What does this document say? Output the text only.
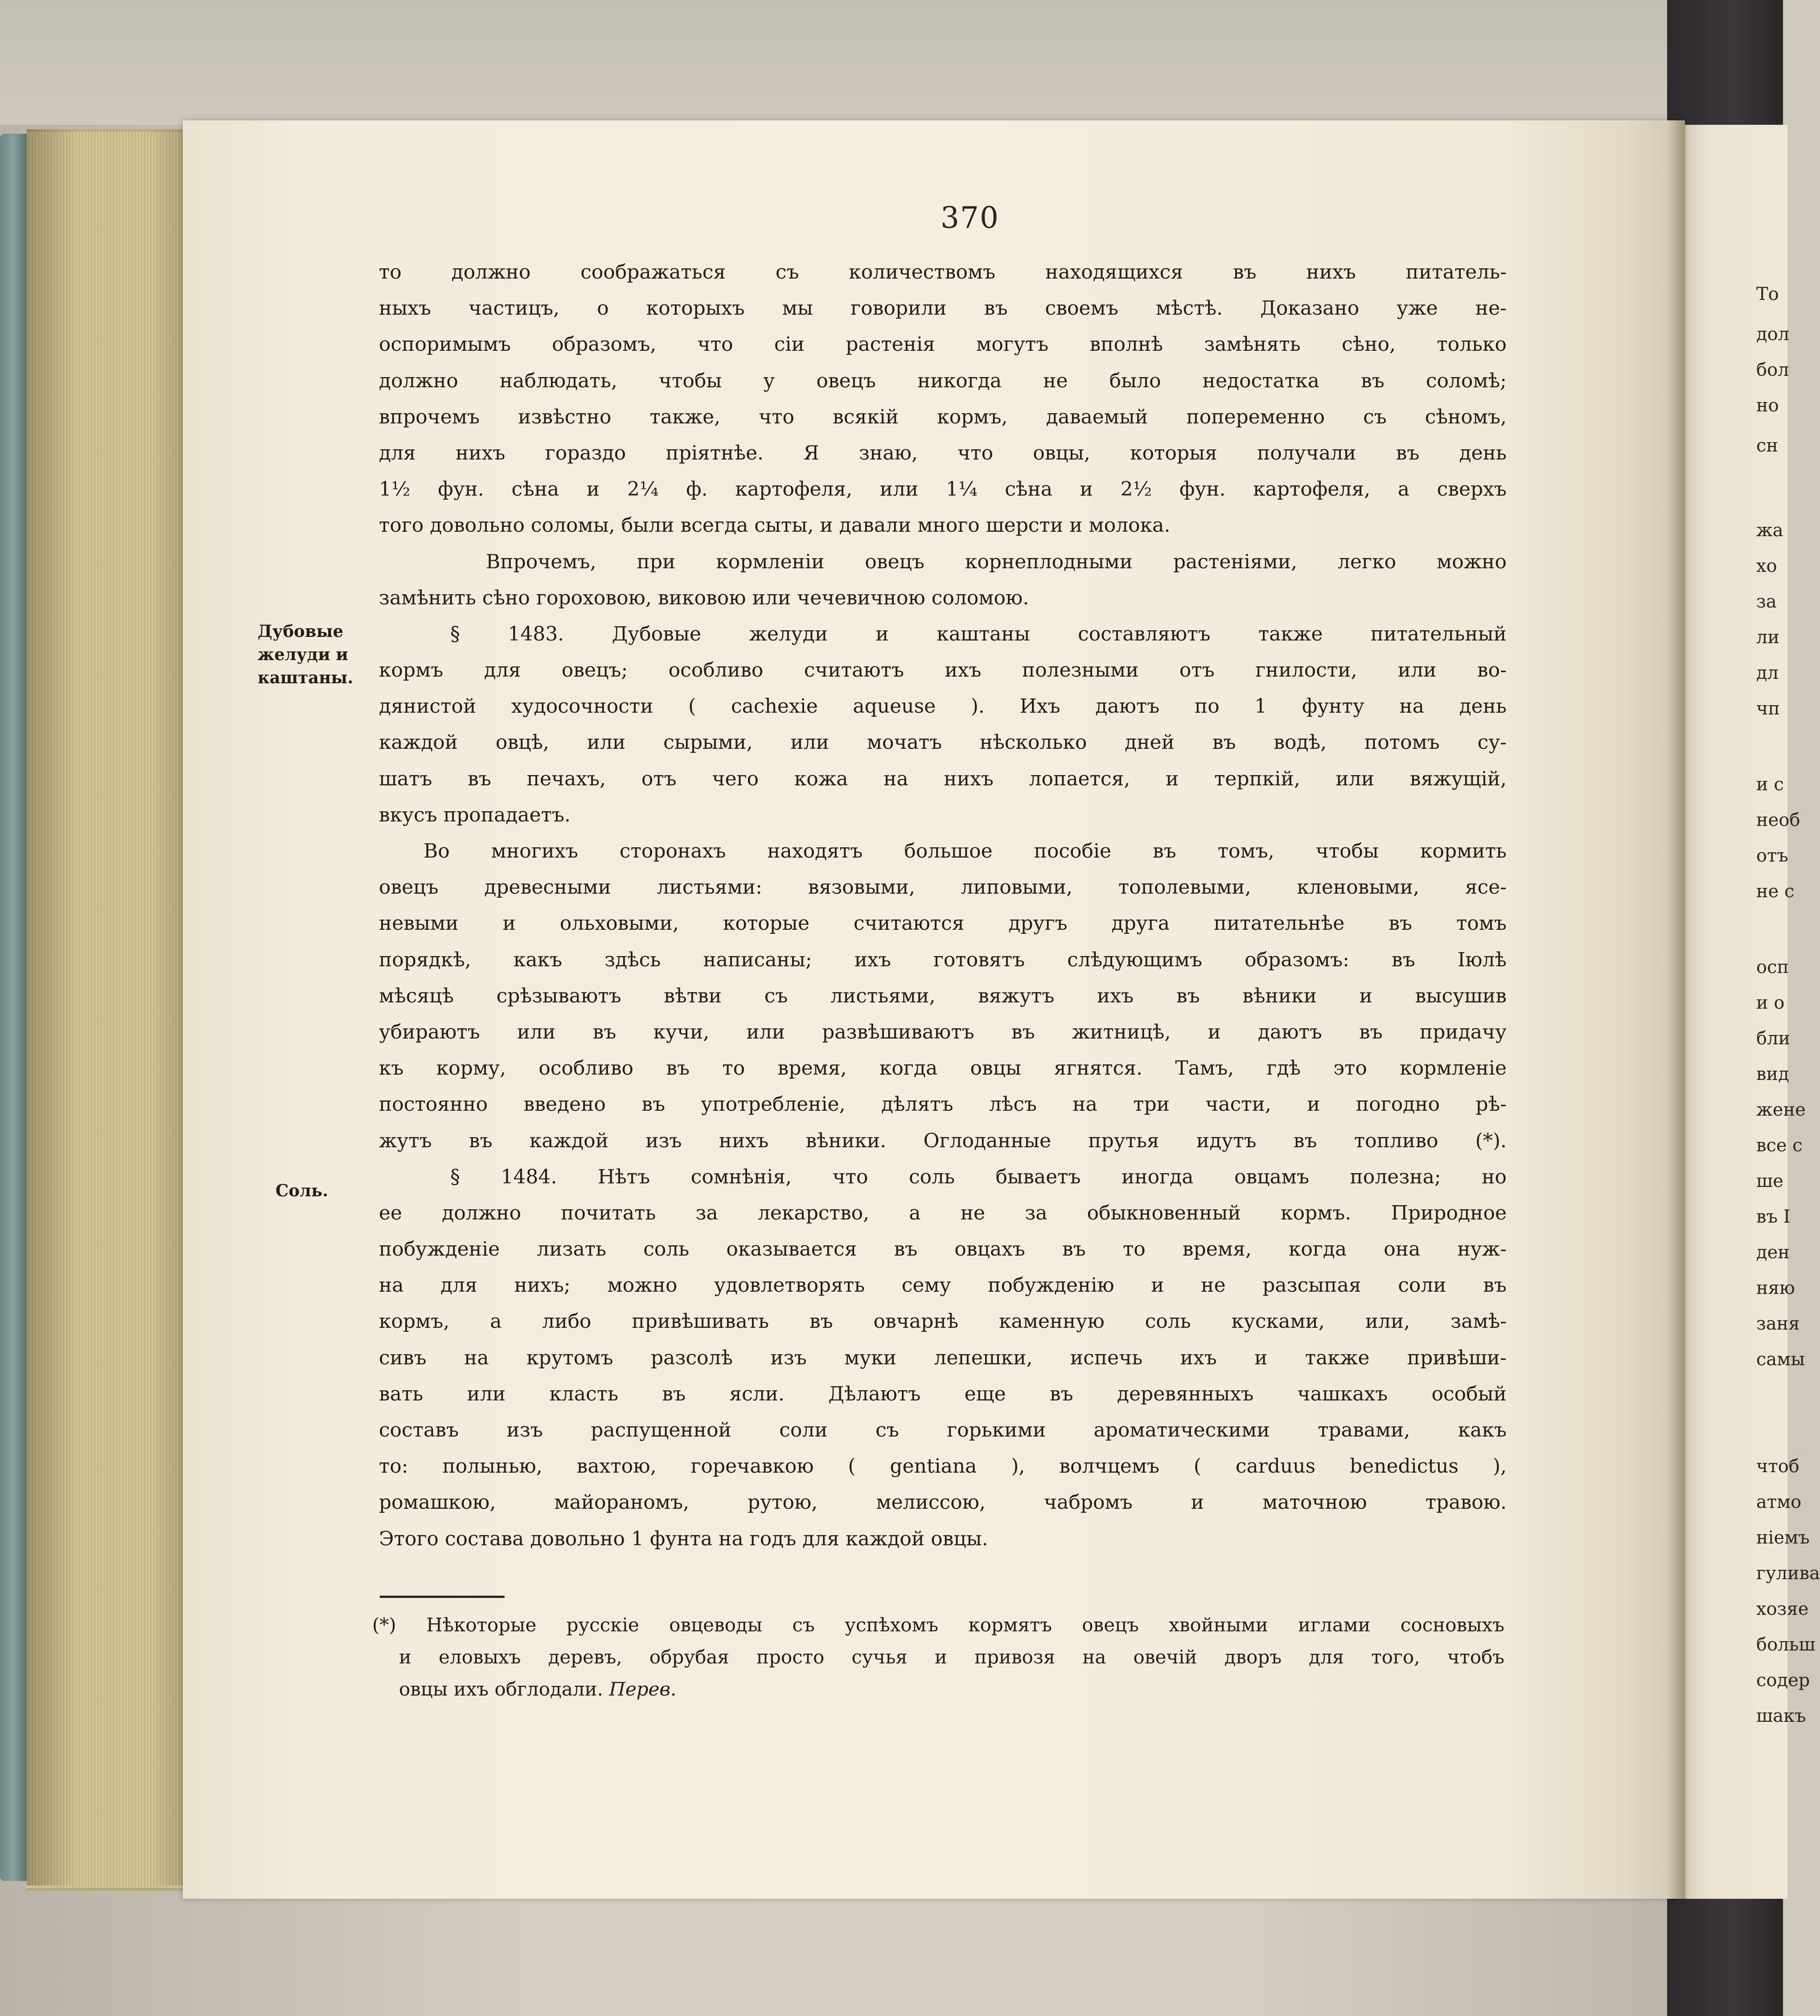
То
дол
бол
но
сн
жа
хо
за
ли
дл
чп
и с
необ
отъ
не с
осп
и о
бли
вид
жене
все с
ше
въ І
ден
няю
заня
самы
чтоб
атмо
ніемъ
гулива
хозяе
больш
содер
шакъ
370
Дубовые
желуди и
каштаны.
Соль.
то должно соображаться съ количествомъ находящихся въ нихъ питатель-
ныхъ частицъ, о которыхъ мы говорили въ своемъ мѣстѣ. Доказано уже не-
оспоримымъ образомъ, что сіи растенія могутъ вполнѣ замѣнять сѣно, только
должно наблюдать, чтобы у овецъ никогда не было недостатка въ соломѣ;
впрочемъ извѣстно также, что всякій кормъ, даваемый попеременно съ сѣномъ,
для нихъ гораздо пріятнѣе. Я знаю, что овцы, которыя получали въ день
1½ фун. сѣна и 2¼ ф. картофеля, или 1¼ сѣна и 2½ фун. картофеля, а сверхъ
того довольно соломы, были всегда сыты, и давали много шерсти и молока.
Впрочемъ, при кормленіи овецъ корнеплодными растеніями, легко можно
замѣнить сѣно гороховою, виковою или чечевичною соломою.
§ 1483. Дубовые желуди и каштаны составляютъ также питательный
кормъ для овецъ; особливо считаютъ ихъ полезными отъ гнилости, или во-
дянистой худосочности ( cachexie aqueuse ). Ихъ даютъ по 1 фунту на день
каждой овцѣ, или сырыми, или мочатъ нѣсколько дней въ водѣ, потомъ су-
шатъ въ печахъ, отъ чего кожа на нихъ лопается, и терпкій, или вяжущій,
вкусъ пропадаетъ.
Во многихъ сторонахъ находятъ большое пособіе въ томъ, чтобы кормить
овецъ древесными листьями: вязовыми, липовыми, тополевыми, кленовыми, ясе-
невыми и ольховыми, которые считаются другъ друга питательнѣе въ томъ
порядкѣ, какъ здѣсь написаны; ихъ готовятъ слѣдующимъ образомъ: въ Іюлѣ
мѣсяцѣ срѣзываютъ вѣтви съ листьями, вяжутъ ихъ въ вѣники и высушив
убираютъ или въ кучи, или развѣшиваютъ въ житницѣ, и даютъ въ придачу
къ корму, особливо въ то время, когда овцы ягнятся. Тамъ, гдѣ это кормленіе
постоянно введено въ употребленіе, дѣлятъ лѣсъ на три части, и погодно рѣ-
жутъ въ каждой изъ нихъ вѣники. Оглоданные прутья идутъ въ топливо (*).
§ 1484. Нѣтъ сомнѣнія, что соль бываетъ иногда овцамъ полезна; но
ее должно почитать за лекарство, а не за обыкновенный кормъ. Природное
побужденіе лизать соль оказывается въ овцахъ въ то время, когда она нуж-
на для нихъ; можно удовлетворять сему побужденію и не разсыпая соли въ
кормъ, а либо привѣшивать въ овчарнѣ каменную соль кусками, или, замѣ-
сивъ на крутомъ разсолѣ изъ муки лепешки, испечь ихъ и также привѣши-
вать или класть въ ясли. Дѣлаютъ еще въ деревянныхъ чашкахъ особый
составъ изъ распущенной соли съ горькими ароматическими травами, какъ
то: полынью, вахтою, горечавкою ( gentiana ), волчцемъ ( carduus benedictus ),
ромашкою, майораномъ, рутою, мелиссою, чабромъ и маточною травою.
Этого состава довольно 1 фунта на годъ для каждой овцы.
(*) Нѣкоторые русскіе овцеводы съ успѣхомъ кормятъ овецъ хвойными иглами сосновыхъ
и еловыхъ деревъ, обрубая просто сучья и привозя на овечій дворъ для того, чтобъ
овцы ихъ обглодали. Перев.
